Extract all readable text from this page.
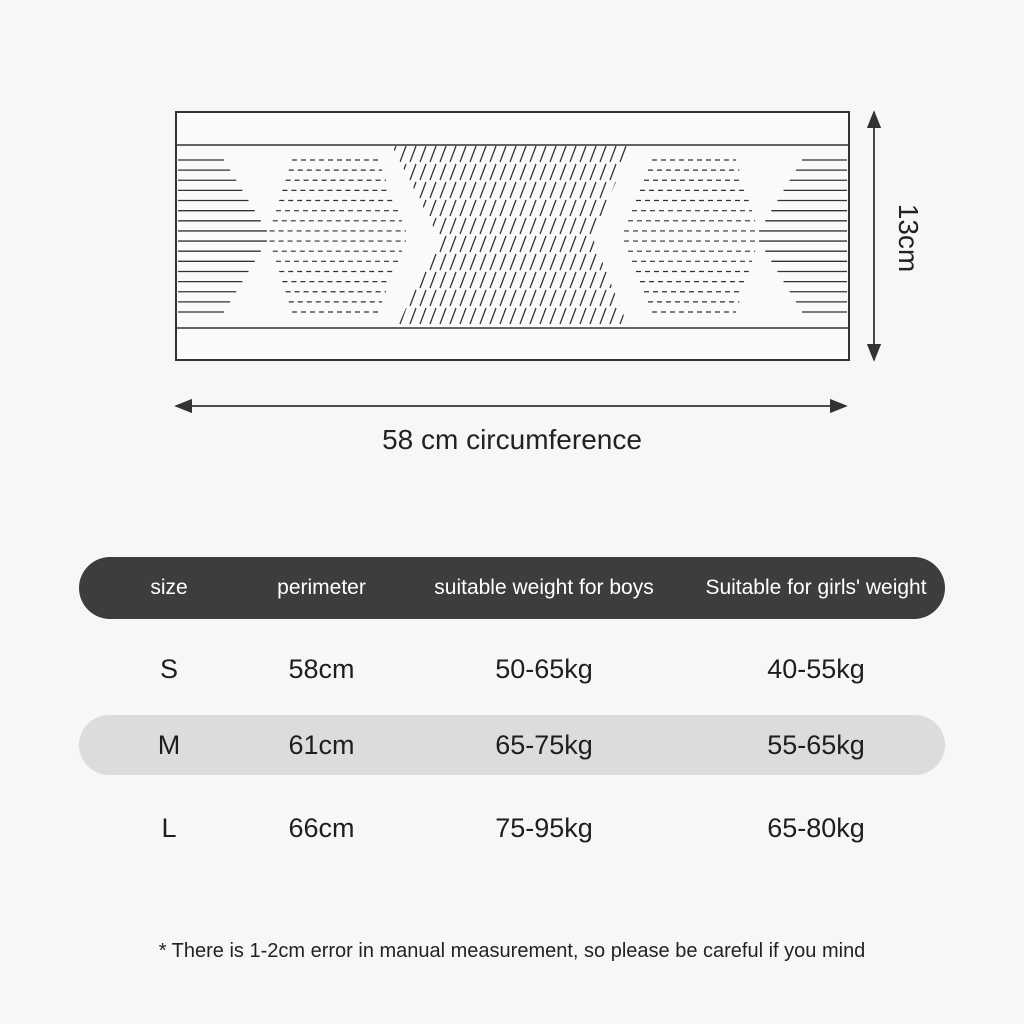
58 cm circumference
13cm
size	perimeter	suitable weight for boys	Suitable for girls' weight
S	58cm	50-65kg	40-55kg
M	61cm	65-75kg	55-65kg
L	66cm	75-95kg	65-80kg
* There is 1-2cm error in manual measurement, so please be careful if you mind
